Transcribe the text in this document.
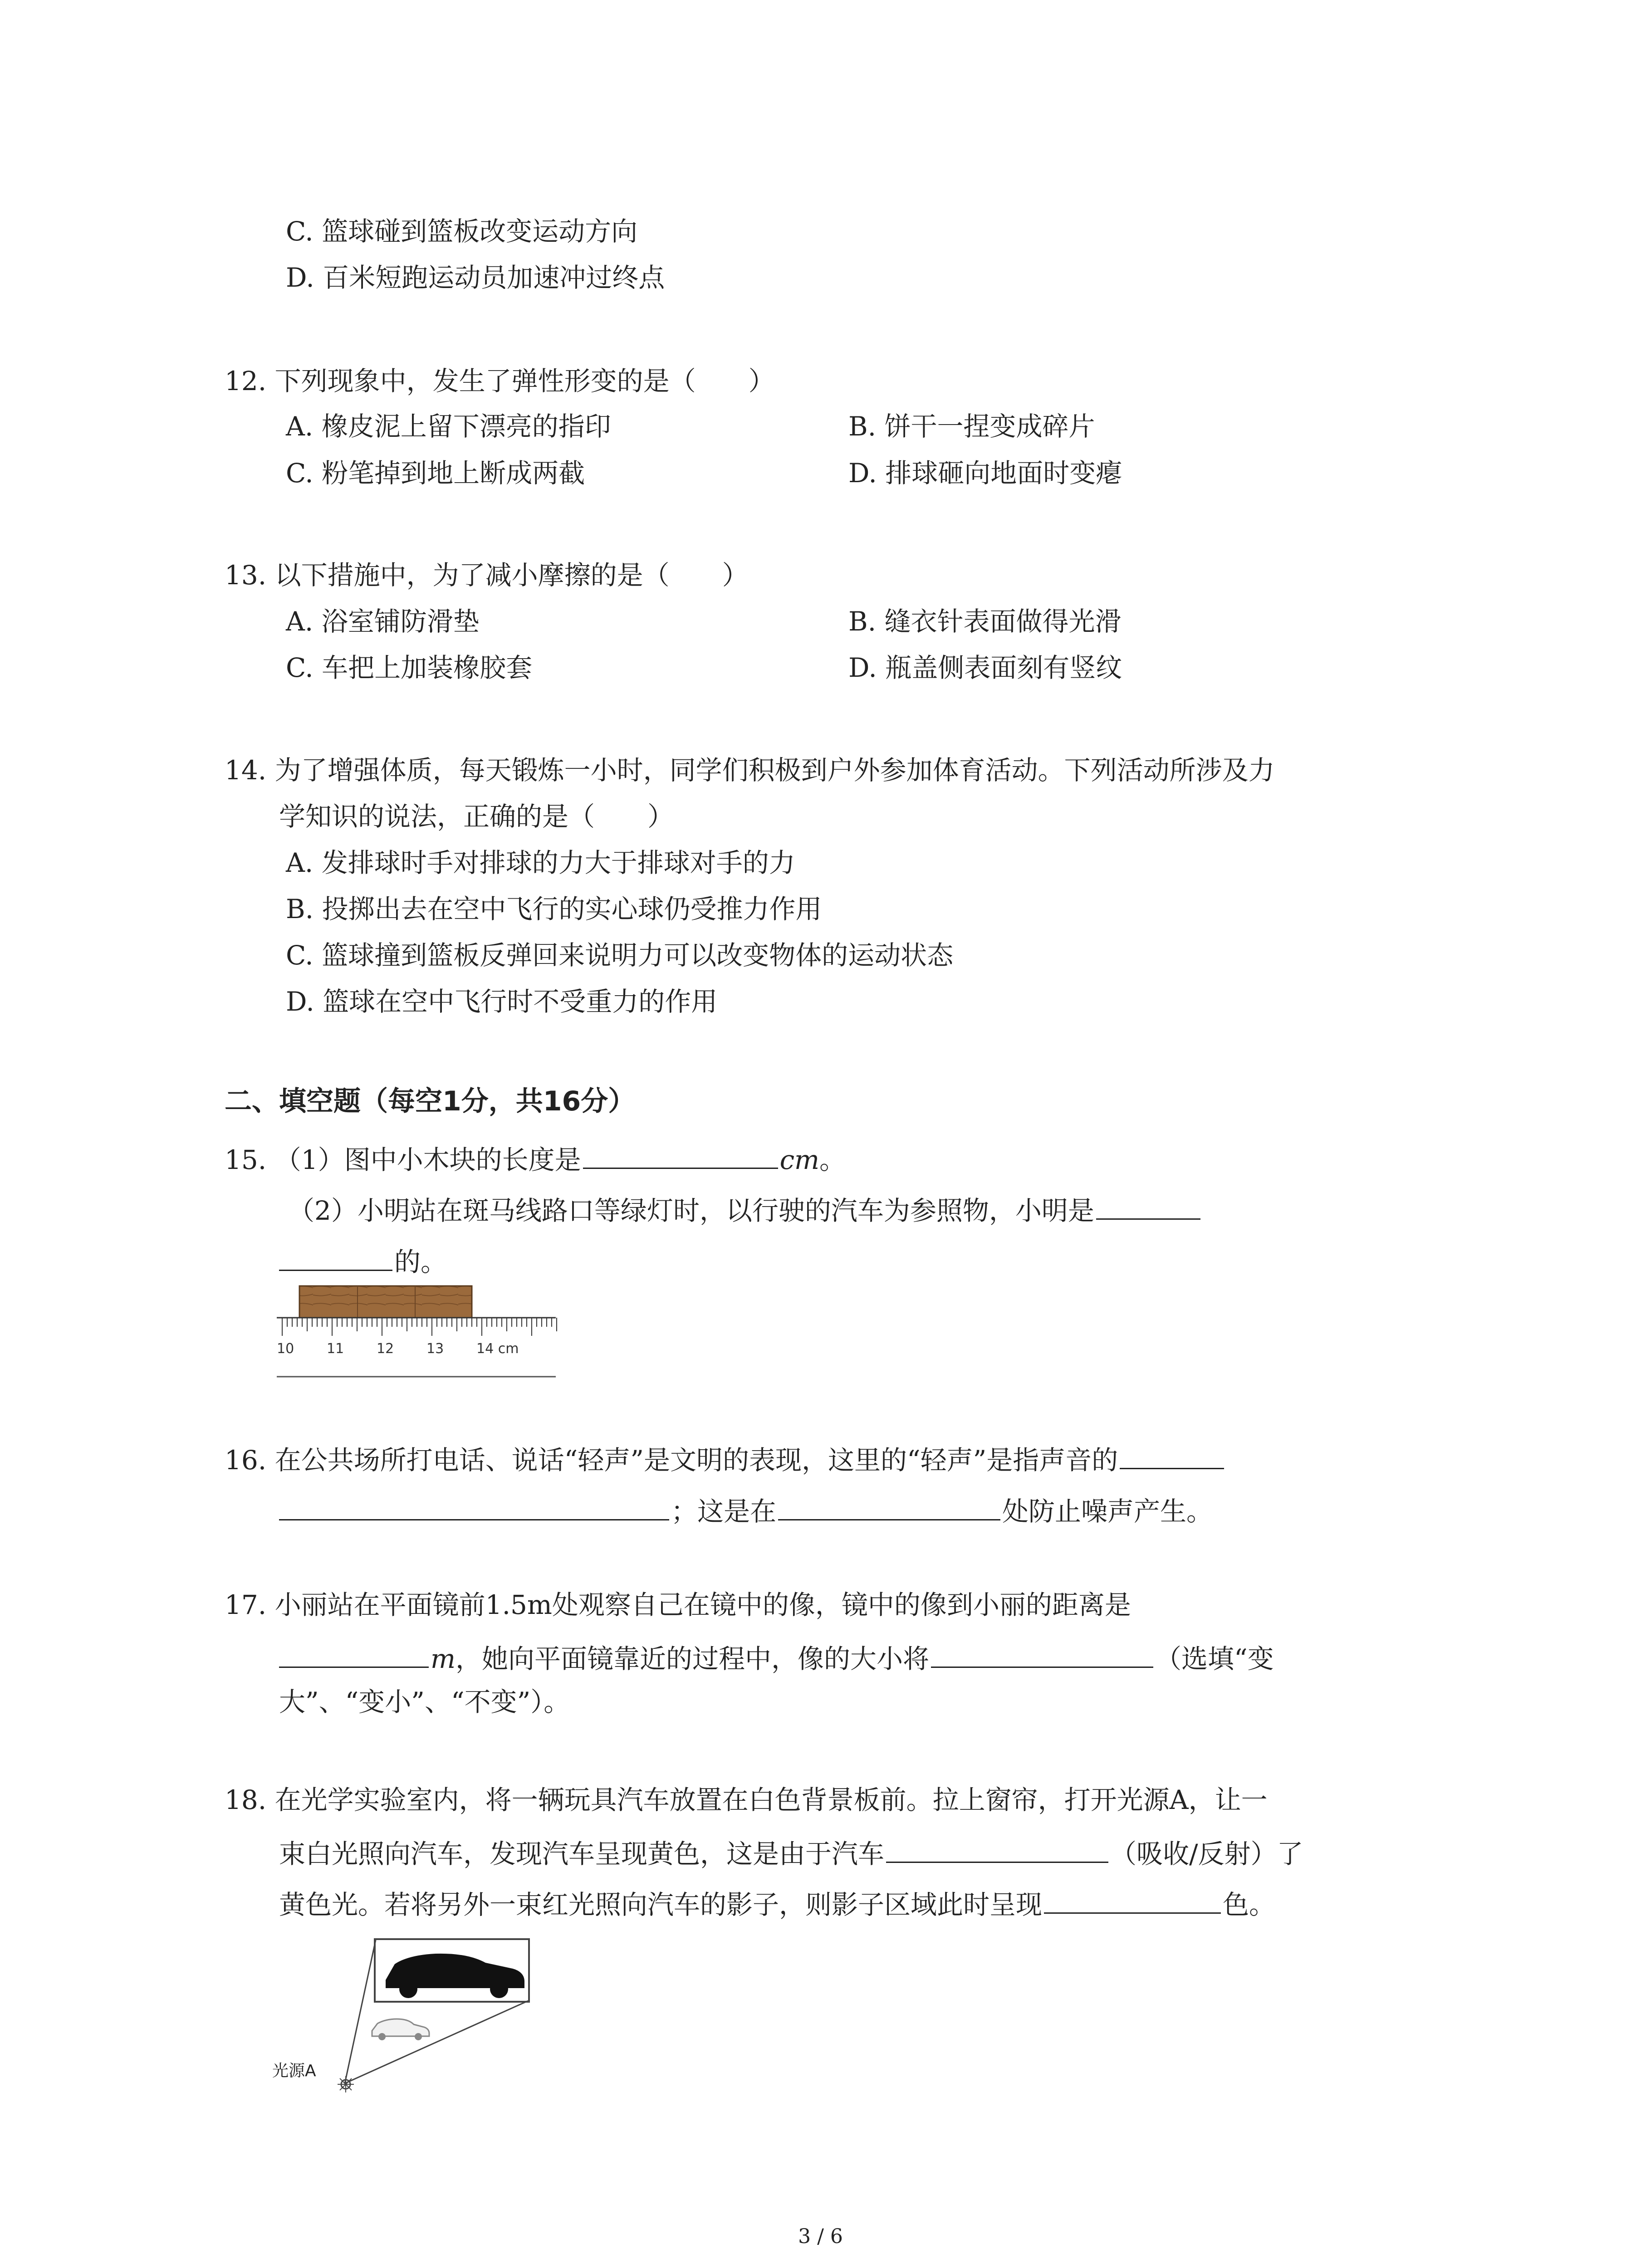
C. 篮球碰到篮板改变运动方向
D. 百米短跑运动员加速冲过终点
12. 下列现象中，发生了弹性形变的是（　　）
A. 橡皮泥上留下漂亮的指印	B. 饼干一捏变成碎片
C. 粉笔掉到地上断成两截	D. 排球砸向地面时变瘪
13. 以下措施中，为了减小摩擦的是（　　）
A. 浴室铺防滑垫	B. 缝衣针表面做得光滑
C. 车把上加装橡胶套	D. 瓶盖侧表面刻有竖纹
14. 为了增强体质，每天锻炼一小时，同学们积极到户外参加体育活动。下列活动所涉及力
学知识的说法，正确的是（　　）
A. 发排球时手对排球的力大于排球对手的力
B. 投掷出去在空中飞行的实心球仍受推力作用
C. 篮球撞到篮板反弹回来说明力可以改变物体的运动状态
D. 篮球在空中飞行时不受重力的作用
二、填空题（每空1分，共16分）
15. （1）图中小木块的长度是	cm。
（2）小明站在斑马线路口等绿灯时，以行驶的汽车为参照物，小明是
的。
10 11 12 13 14 cm
16. 在公共场所打电话、说话“轻声”是文明的表现，这里的“轻声”是指声音的
；这是在	处防止噪声产生。
17. 小丽站在平面镜前1.5m处观察自己在镜中的像，镜中的像到小丽的距离是
m，她向平面镜靠近的过程中，像的大小将	（选填“变
大”、“变小”、“不变”）。
18. 在光学实验室内，将一辆玩具汽车放置在白色背景板前。拉上窗帘，打开光源A，让一
束白光照向汽车，发现汽车呈现黄色，这是由于汽车	（吸收/反射）了
黄色光。若将另外一束红光照向汽车的影子，则影子区域此时呈现	色。
光源A
3 / 6
